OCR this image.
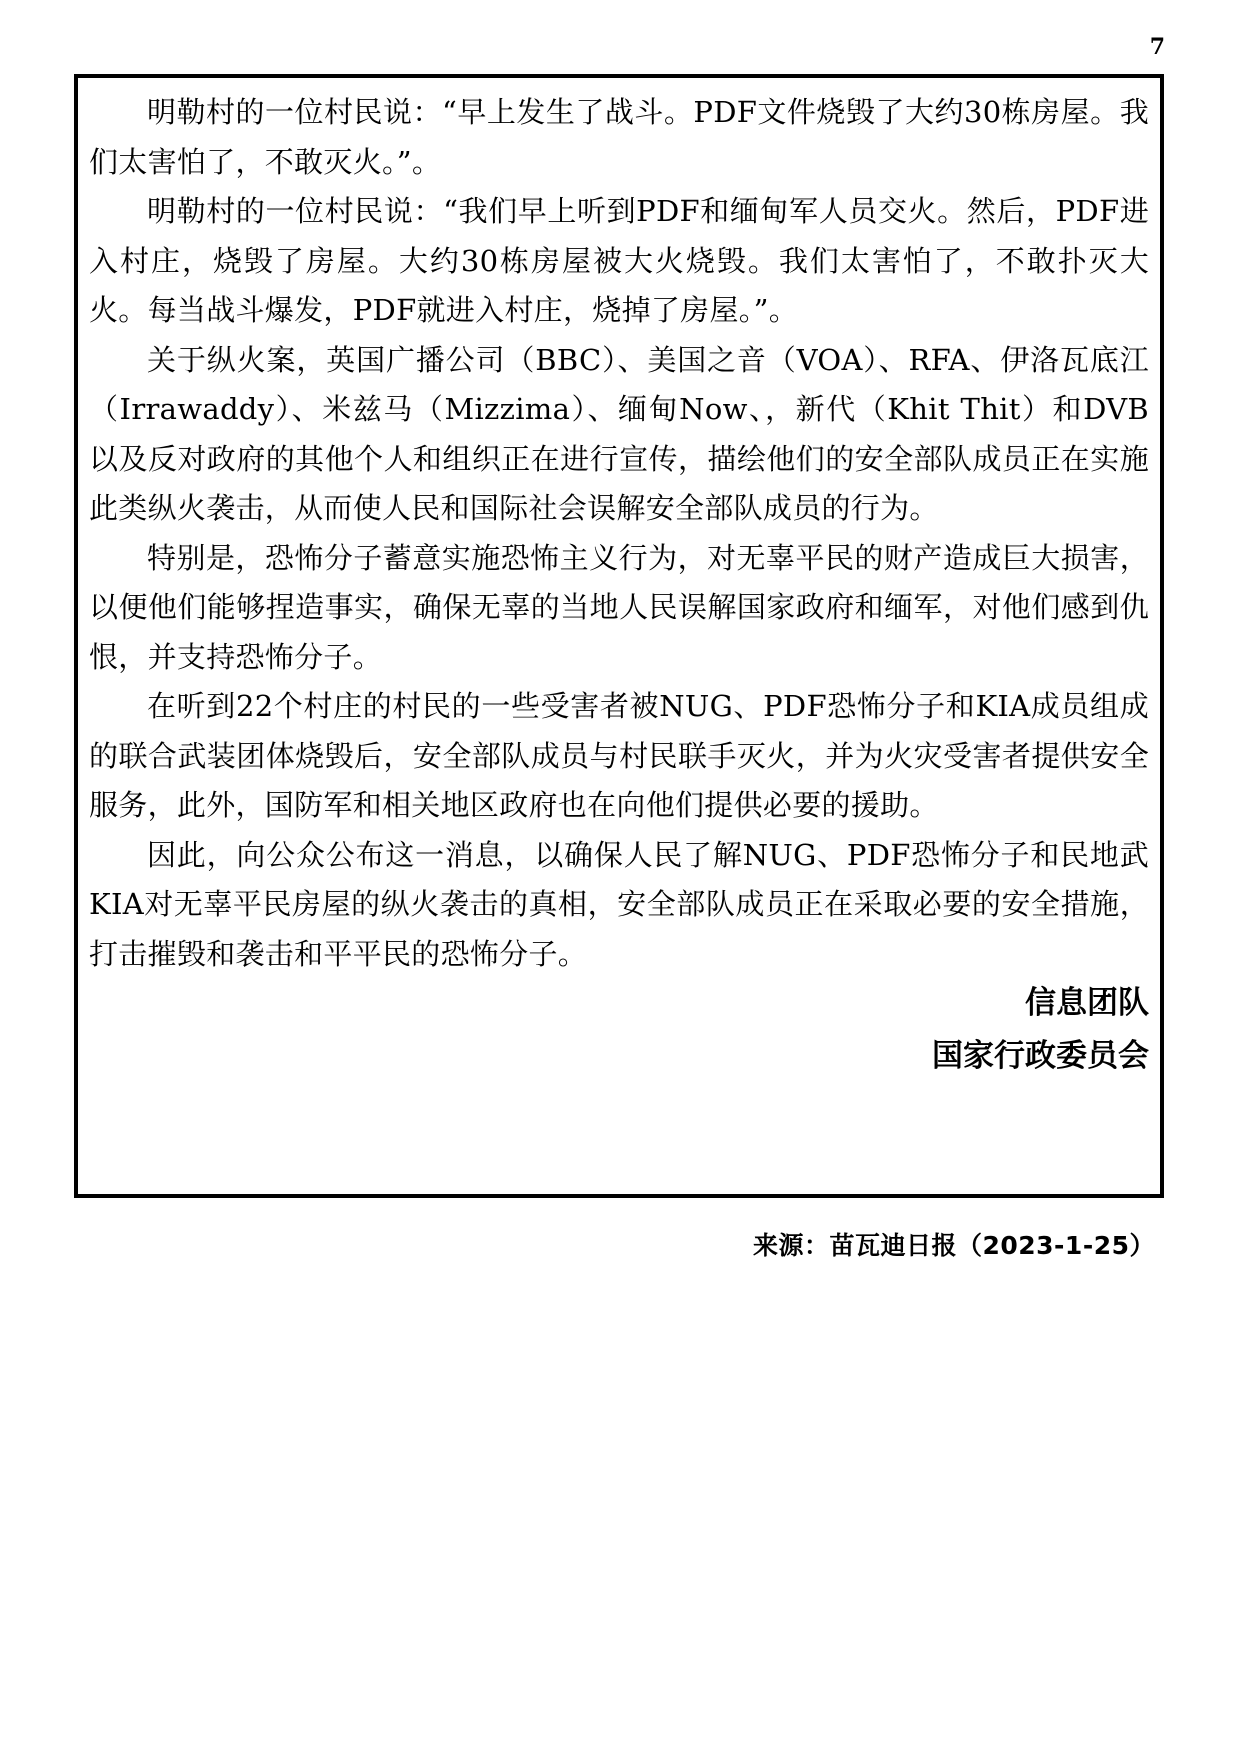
7

明勒村的一位村民说：“早上发生了战斗。PDF文件烧毁了大约30栋房屋。我们太害怕了，不敢灭火。”。

明勒村的一位村民说：“我们早上听到PDF和缅甸军人员交火。然后，PDF进入村庄，烧毁了房屋。大约30栋房屋被大火烧毁。我们太害怕了，不敢扑灭大火。每当战斗爆发，PDF就进入村庄，烧掉了房屋。”。

关于纵火案，英国广播公司（BBC）、美国之音（VOA）、RFA、伊洛瓦底江（Irrawaddy）、米兹马（Mizzima）、缅甸Now、，新代（Khit Thit）和DVB以及反对政府的其他个人和组织正在进行宣传，描绘他们的安全部队成员正在实施此类纵火袭击，从而使人民和国际社会误解安全部队成员的行为。

特别是，恐怖分子蓄意实施恐怖主义行为，对无辜平民的财产造成巨大损害，以便他们能够捏造事实，确保无辜的当地人民误解国家政府和缅军，对他们感到仇恨，并支持恐怖分子。

在听到22个村庄的村民的一些受害者被NUG、PDF恐怖分子和KIA成员组成的联合武装团体烧毁后，安全部队成员与村民联手灭火，并为火灾受害者提供安全服务，此外，国防军和相关地区政府也在向他们提供必要的援助。

因此，向公众公布这一消息，以确保人民了解NUG、PDF恐怖分子和民地武KIA对无辜平民房屋的纵火袭击的真相，安全部队成员正在采取必要的安全措施，打击摧毁和袭击和平平民的恐怖分子。

信息团队
国家行政委员会
来源：苗瓦迪日报（2023-1-25）
